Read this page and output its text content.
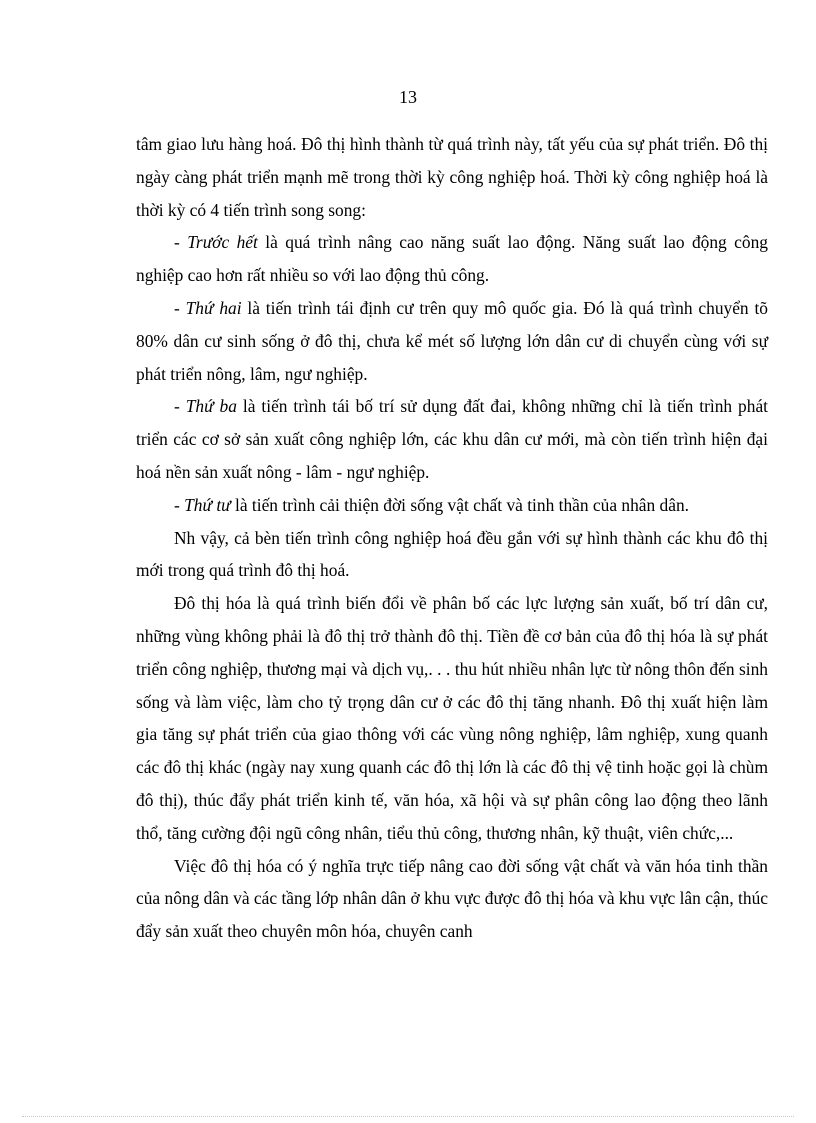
13

tâm giao lưu hàng hoá. Đô thị hình thành từ quá trình này, tất yếu của sự phát triển. Đô thị ngày càng phát triển mạnh mẽ trong thời kỳ công nghiệp hoá. Thời kỳ công nghiệp hoá là thời kỳ có 4 tiến trình song song:

- Trước hết là quá trình nâng cao năng suất lao động. Năng suất lao động công nghiệp cao hơn rất nhiều so với lao động thủ công.

- Thứ hai là tiến trình tái định cư trên quy mô quốc gia. Đó là quá trình chuyển tõ 80% dân cư sinh sống ở đô thị, chưa kể mét số lượng lớn dân cư di chuyển cùng với sự phát triển nông, lâm, ngư nghiệp.

- Thứ ba là tiến trình tái bố trí sử dụng đất đai, không những chỉ là tiến trình phát triển các cơ sở sản xuất công nghiệp lớn, các khu dân cư mới, mà còn tiến trình hiện đại hoá nền sản xuất nông - lâm - ngư nghiệp.

- Thứ tư là tiến trình cải thiện đời sống vật chất và tinh thần của nhân dân.

Nh vậy, cả bèn tiến trình công nghiệp hoá đều gắn với sự hình thành các khu đô thị mới trong quá trình đô thị hoá.

Đô thị hóa là quá trình biến đổi về phân bố các lực lượng sản xuất, bố trí dân cư, những vùng không phải là đô thị trở thành đô thị. Tiền đề cơ bản của đô thị hóa là sự phát triển công nghiệp, thương mại và dịch vụ,. . . thu hút nhiều nhân lực từ nông thôn đến sinh sống và làm việc, làm cho tỷ trọng dân cư ở các đô thị tăng nhanh. Đô thị xuất hiện làm gia tăng sự phát triển của giao thông với các vùng nông nghiệp, lâm nghiệp, xung quanh các đô thị khác (ngày nay xung quanh các đô thị lớn là các đô thị vệ tinh hoặc gọi là chùm đô thị), thúc đẩy phát triển kinh tế, văn hóa, xã hội và sự phân công lao động theo lãnh thổ, tăng cường đội ngũ công nhân, tiểu thủ công, thương nhân, kỹ thuật, viên chức,...

Việc đô thị hóa có ý nghĩa trực tiếp nâng cao đời sống vật chất và văn hóa tinh thần của nông dân và các tầng lớp nhân dân ở khu vực được đô thị hóa và khu vực lân cận, thúc đẩy sản xuất theo chuyên môn hóa, chuyên canh
